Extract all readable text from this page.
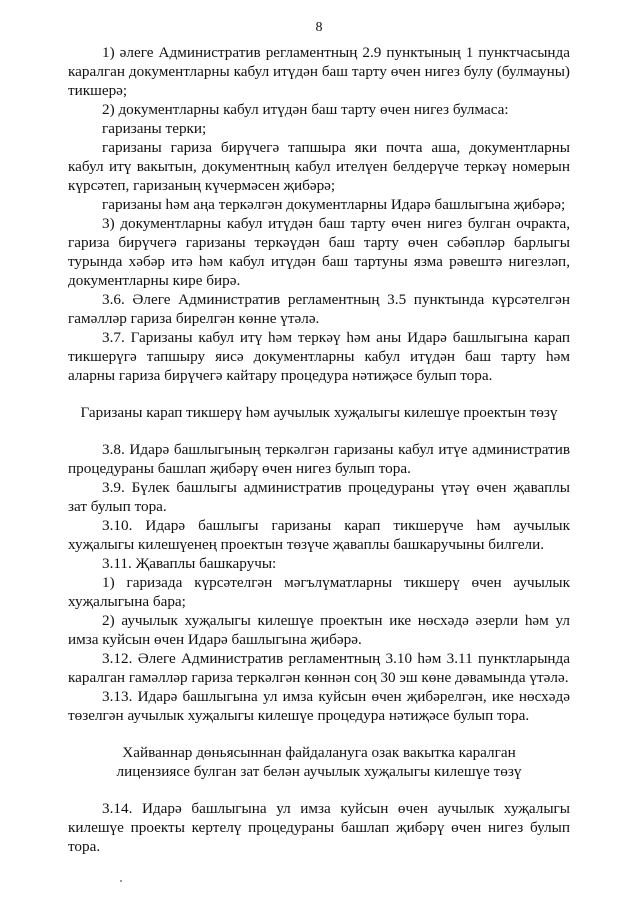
8

1) әлеге Административ регламентның 2.9 пунктының 1 пунктчасында каралган документларны кабул итүдән баш тарту өчен нигез булу (булмауны) тикшерә;

2) документларны кабул итүдән баш тарту өчен нигез булмаса:

гаризаны терки;

гаризаны гариза бирүчегә тапшыра яки почта аша, документларны кабул итү вакытын, документның кабул ителүен белдерүче теркәү номерын күрсәтеп, гаризаның күчермәсен җибәрә;

гаризаны һәм аңа теркәлгән документларны Идарә башлыгына җибәрә;

3) документларны кабул итүдән баш тарту өчен нигез булган очракта, гариза бирүчегә гаризаны теркәүдән баш тарту өчен сәбәпләр барлыгы турында хәбәр итә һәм кабул итүдән баш тартуны язма рәвештә нигезләп, документларны кире бирә.

3.6. Әлеге Административ регламентның 3.5 пунктында күрсәтелгән гамәлләр гариза бирелгән көнне үтәлә.

3.7. Гаризаны кабул итү һәм теркәү һәм аны Идарә башлыгына карап тикшерүгә тапшыру яисә документларны кабул итүдән баш тарту һәм аларны гариза бирүчегә кайтару процедура нәтиҗәсе булып тора.

Гаризаны карап тикшерү һәм аучылык хуҗалыгы килешүе проектын төзү

3.8. Идарә башлыгының теркәлгән гаризаны кабул итүе административ процедураны башлап җибәрү өчен нигез булып тора.

3.9. Бүлек башлыгы административ процедураны үтәү өчен җаваплы зат булып тора.

3.10. Идарә башлыгы гаризаны карап тикшерүче һәм аучылык хуҗалыгы килешүенең проектын төзүче җаваплы башкаручыны билгели.

3.11. Җаваплы башкаручы:

1) гаризада күрсәтелгән мәгълүматларны тикшерү өчен аучылык хуҗалыгына бара;

2) аучылык хуҗалыгы килешүе проектын ике нөсхәдә әзерли һәм ул имза куйсын өчен Идарә башлыгына җибәрә.

3.12. Әлеге Административ регламентның 3.10 һәм 3.11 пунктларында каралган гамәлләр гариза теркәлгән көннән соң 30 эш көне дәвамында үтәлә.

3.13. Идарә башлыгына ул имза куйсын өчен җибәрелгән, ике нөсхәдә төзелгән аучылык хуҗалыгы килешүе процедура нәтиҗәсе булып тора.

Хайваннар дөньясыннан файдалануга озак вакытка каралган
лицензиясе булган зат белән аучылык хуҗалыгы килешүе төзү

3.14. Идарә башлыгына ул имза куйсын өчен аучылык хуҗалыгы килешүе проекты кертелү процедураны башлап җибәрү өчен нигез булып тора.
